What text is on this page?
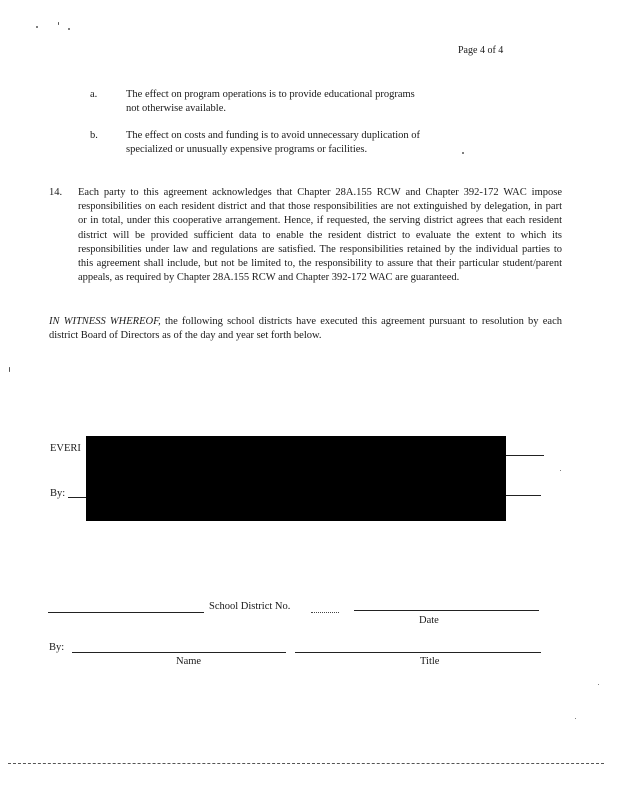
Page 4 of 4
a.	The effect on program operations is to provide educational programs not otherwise available.
b.	The effect on costs and funding is to avoid unnecessary duplication of specialized or unusually expensive programs or facilities.
14. Each party to this agreement acknowledges that Chapter 28A.155 RCW and Chapter 392-172 WAC impose responsibilities on each resident district and that those responsibilities are not extinguished by delegation, in part or in total, under this cooperative arrangement. Hence, if requested, the serving district agrees that each resident district will be provided sufficient data to enable the resident district to evaluate the extent to which its responsibilities under law and regulations are satisfied. The responsibilities retained by the individual parties to this agreement shall include, but not be limited to, the responsibility to assure that their particular student/parent appeals, as required by Chapter 28A.155 RCW and Chapter 392-172 WAC are guaranteed.
IN WITNESS WHEREOF, the following school districts have executed this agreement pursuant to resolution by each district Board of Directors as of the day and year set forth below.
EVERI
By:
School District No.
Date
By:
Name	Title
